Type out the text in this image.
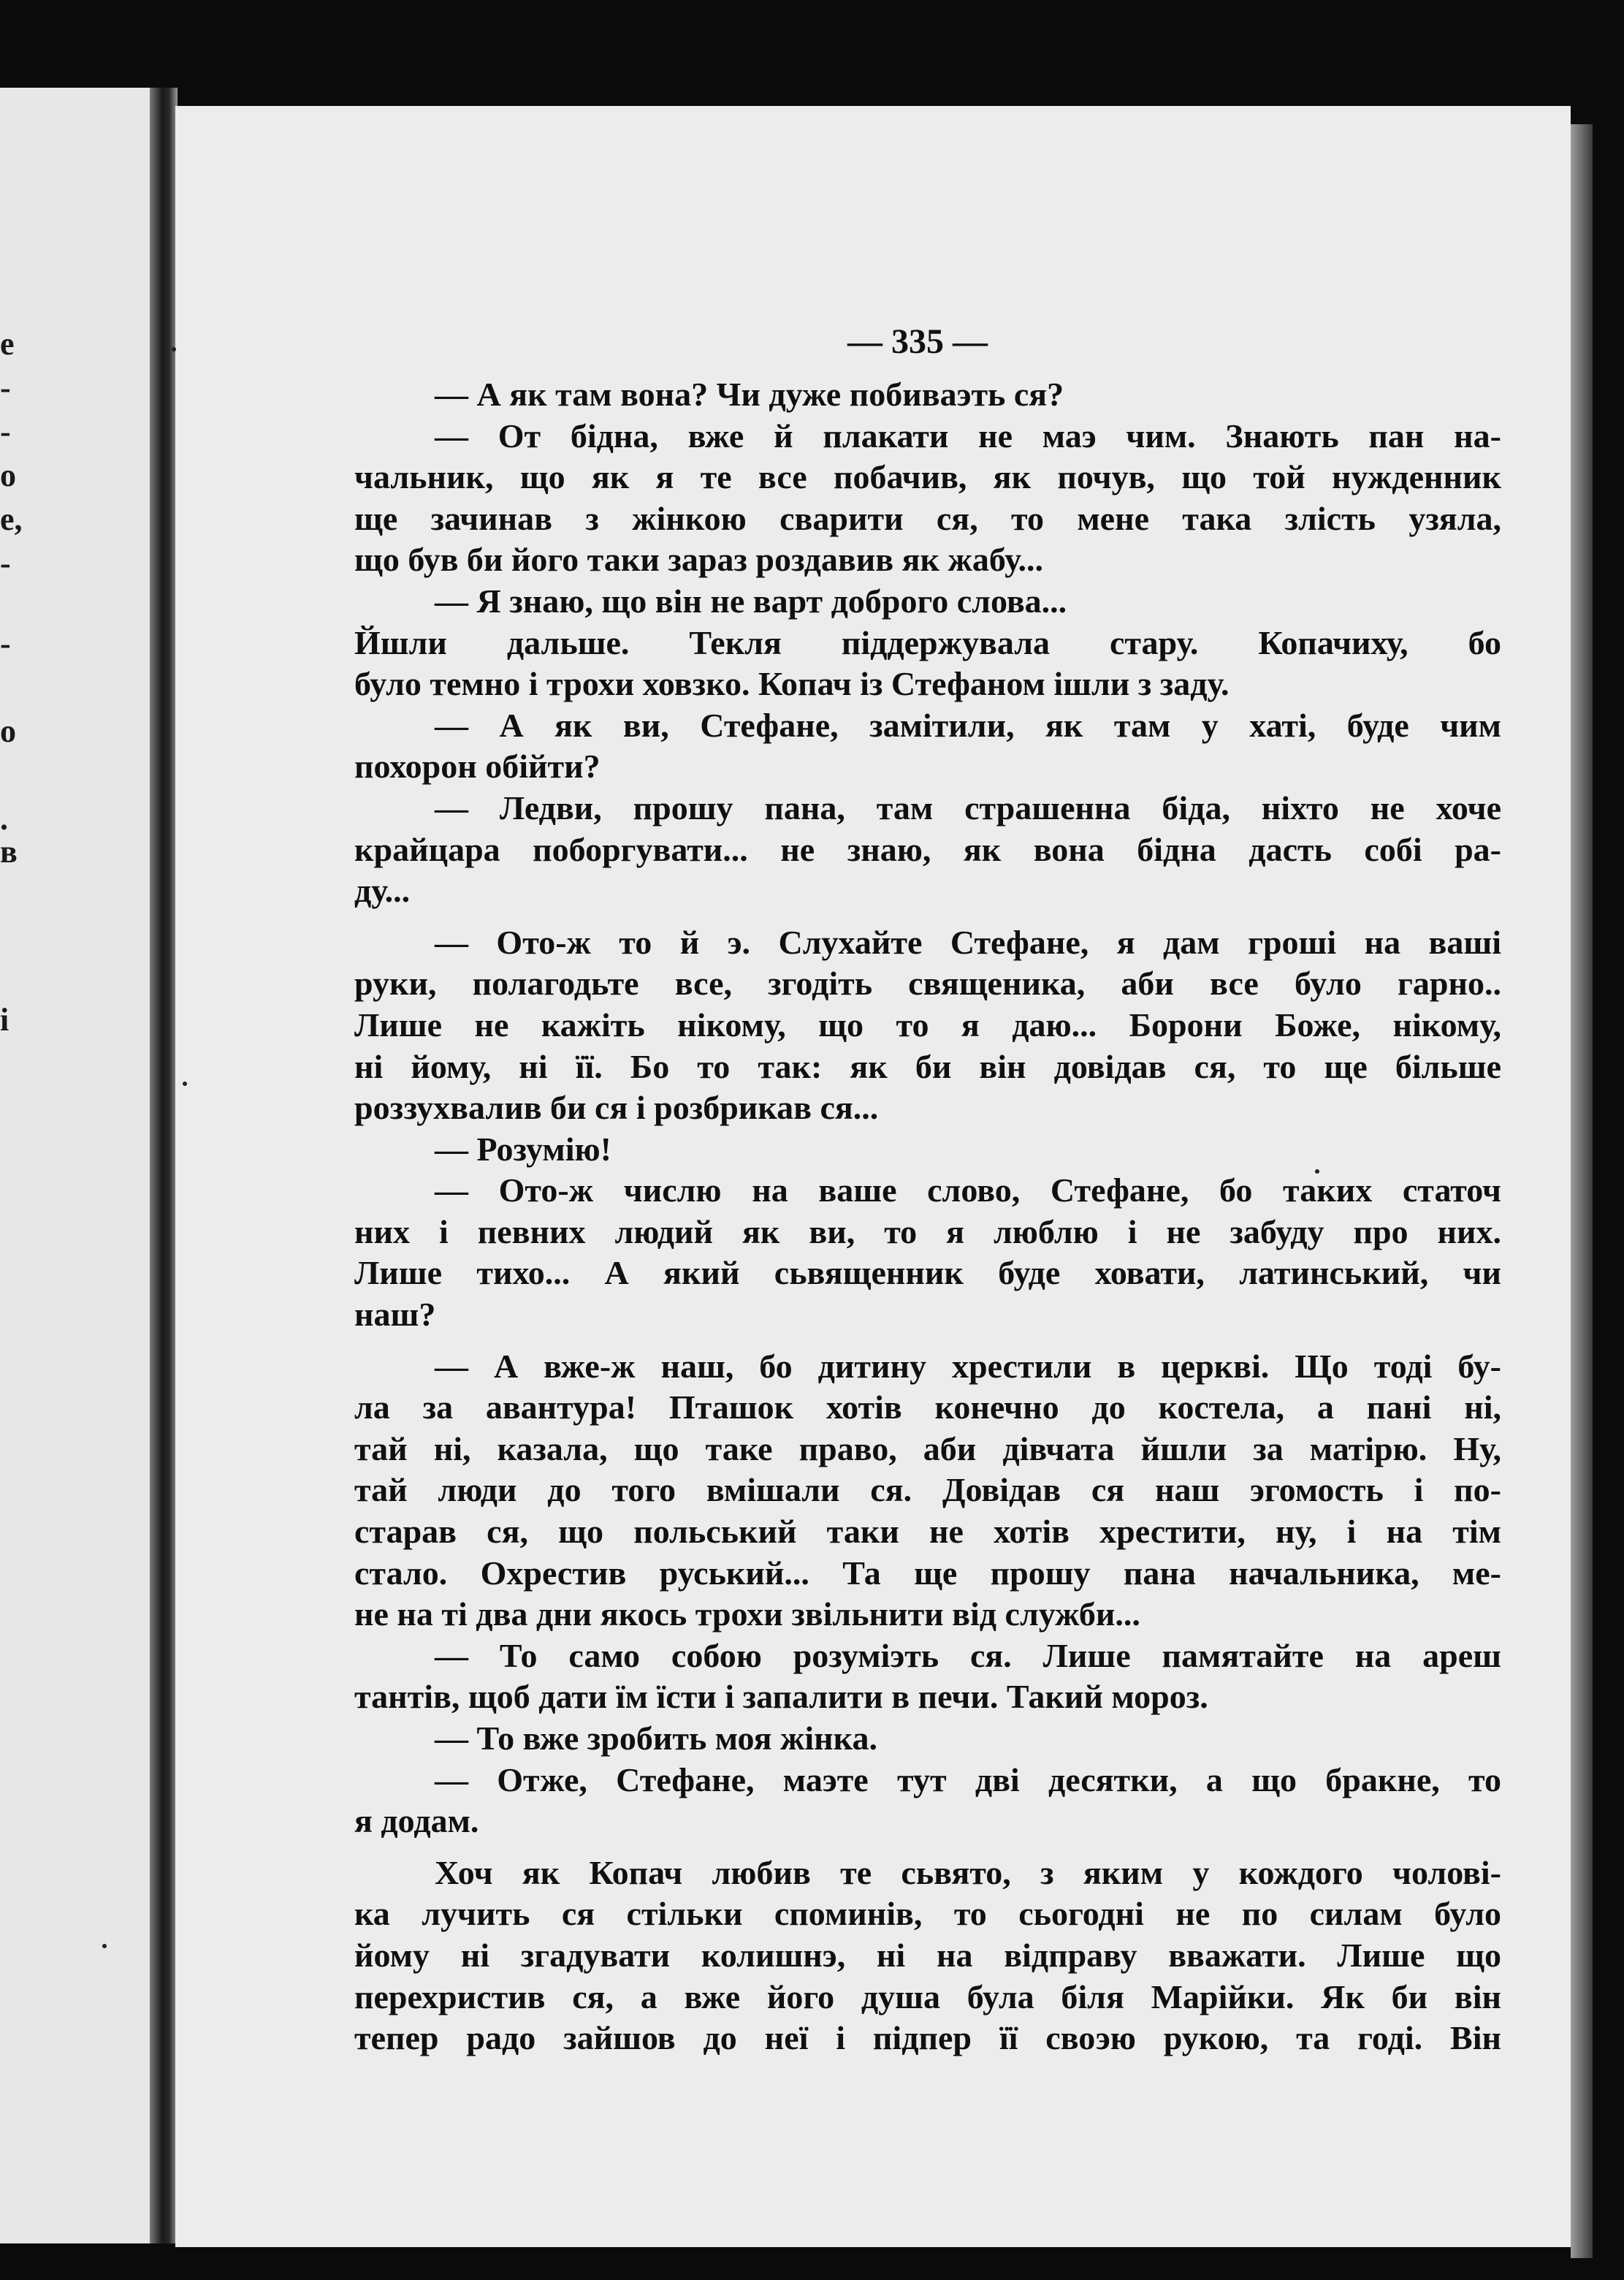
е
-
-
о
е,
-
-
о
.
в
і
— 335 —
— А як там вона? Чи дуже побиваэть ся?
— От бідна, вже й плакати не маэ чим. Знають пан на-
чальник, що як я те все побачив, як почув, що той нужденник
ще зачинав з жінкою сварити ся, то мене така злість узяла,
що був би його таки зараз роздавив як жабу...
— Я знаю, що він не варт доброго слова...
Йшли дальше. Текля піддержувала стару. Копачиху, бо
було темно і трохи ховзко. Копач із Стефаном ішли з заду.
— А як ви, Стефане, замітили, як там у хаті, буде чим
похорон обійти?
— Ледви, прошу пана, там страшенна біда, ніхто не хоче
крайцара поборгувати... не знаю, як вона бідна дасть собі ра-
ду...
— Ото-ж то й э. Слухайте Стефане, я дам гроші на ваші
руки, полагодьте все, згодіть священика, аби все було гарно..
Лише не кажіть нікому, що то я даю... Борони Боже, нікому,
ні йому, ні її. Бо то так: як би він довідав ся, то ще більше
роззухвалив би ся і розбрикав ся...
— Розумію!
— Ото-ж числю на ваше слово, Стефане, бо таких статоч
них і певних людий як ви, то я люблю і не забуду про них.
Лише тихо... А який сьвященник буде ховати, латинський, чи
наш?
— А вже-ж наш, бо дитину хрестили в церкві. Що тоді бу-
ла за авантура! Пташок хотів конечно до костела, а пані ні,
тай ні, казала, що таке право, аби дівчата йшли за матірю. Ну,
тай люди до того вмішали ся. Довідав ся наш эгомость і по-
старав ся, що польський таки не хотів хрестити, ну, і на тім
стало. Охрестив руський... Та ще прошу пана начальника, ме-
не на ті два дни якось трохи звільнити від служби...
— То само собою розуміэть ся. Лише памятайте на ареш
тантів, щоб дати їм їсти і запалити в печи. Такий мороз.
— То вже зробить моя жінка.
— Отже, Стефане, маэте тут дві десятки, а що бракне, то
я додам.
Хоч як Копач любив те сьвято, з яким у кождого чолові-
ка лучить ся стільки споминів, то сьогодні не по силам було
йому ні згадувати колишнэ, ні на відправу вважати. Лише що
перехристив ся, а вже його душа була біля Марійки. Як би він
тепер радо зайшов до неї і підпер її своэю рукою, та годі. Він
